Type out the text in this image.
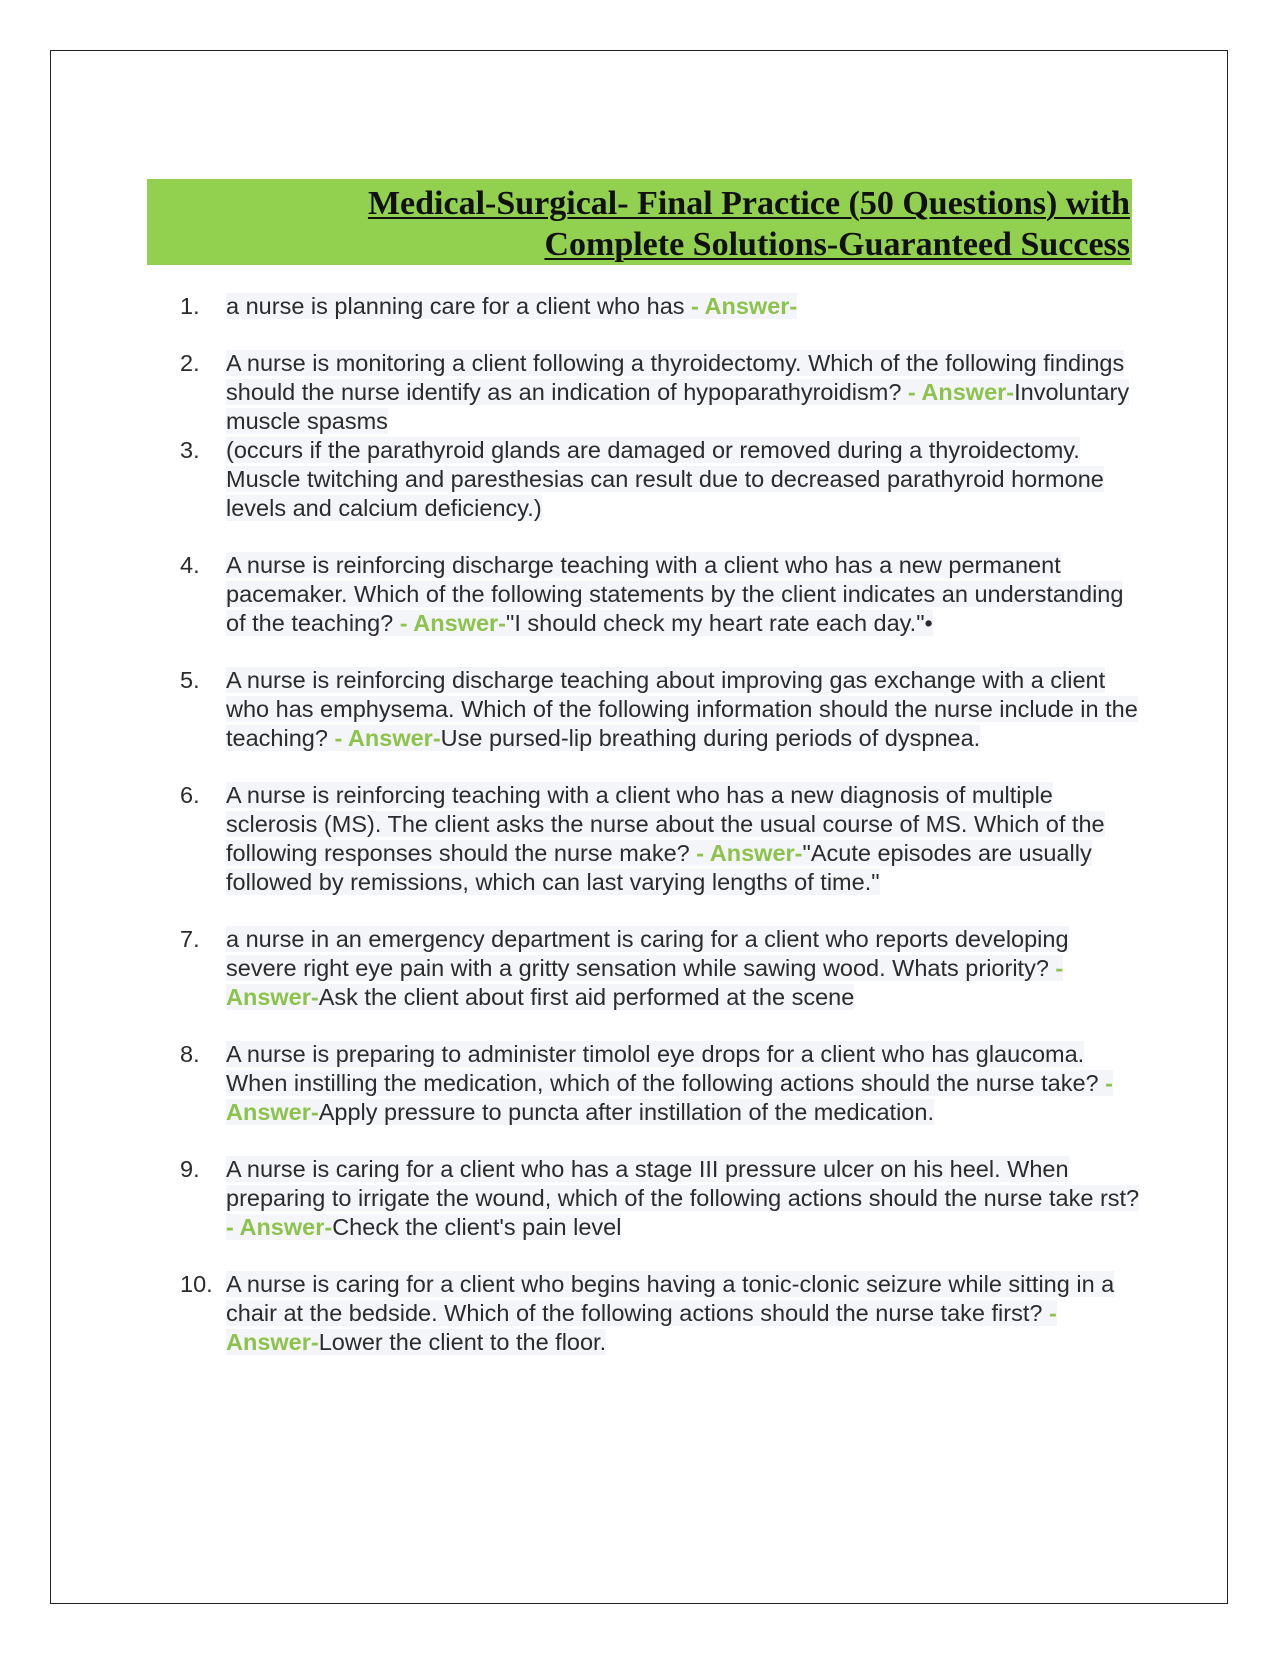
Medical-Surgical- Final Practice (50 Questions) with
Complete Solutions-Guaranteed Success
1.	a nurse is planning care for a client who has - Answer-
2.	A nurse is monitoring a client following a thyroidectomy. Which of the following findings should the nurse identify as an indication of hypoparathyroidism? - Answer-Involuntary muscle spasms
3.	(occurs if the parathyroid glands are damaged or removed during a thyroidectomy. Muscle twitching and paresthesias can result due to decreased parathyroid hormone levels and calcium deficiency.)
4.	A nurse is reinforcing discharge teaching with a client who has a new permanent pacemaker. Which of the following statements by the client indicates an understanding of the teaching? - Answer-"I should check my heart rate each day."•
5.	A nurse is reinforcing discharge teaching about improving gas exchange with a client who has emphysema. Which of the following information should the nurse include in the teaching? - Answer-Use pursed-lip breathing during periods of dyspnea.
6.	A nurse is reinforcing teaching with a client who has a new diagnosis of multiple sclerosis (MS). The client asks the nurse about the usual course of MS. Which of the following responses should the nurse make? - Answer-"Acute episodes are usually followed by remissions, which can last varying lengths of time."
7.	a nurse in an emergency department is caring for a client who reports developing severe right eye pain with a gritty sensation while sawing wood. Whats priority? - Answer-Ask the client about first aid performed at the scene
8.	A nurse is preparing to administer timolol eye drops for a client who has glaucoma. When instilling the medication, which of the following actions should the nurse take? - Answer-Apply pressure to puncta after instillation of the medication.
9.	A nurse is caring for a client who has a stage III pressure ulcer on his heel. When preparing to irrigate the wound, which of the following actions should the nurse take rst? - Answer-Check the client's pain level
10. A nurse is caring for a client who begins having a tonic-clonic seizure while sitting in a chair at the bedside. Which of the following actions should the nurse take first? - Answer-Lower the client to the floor.
